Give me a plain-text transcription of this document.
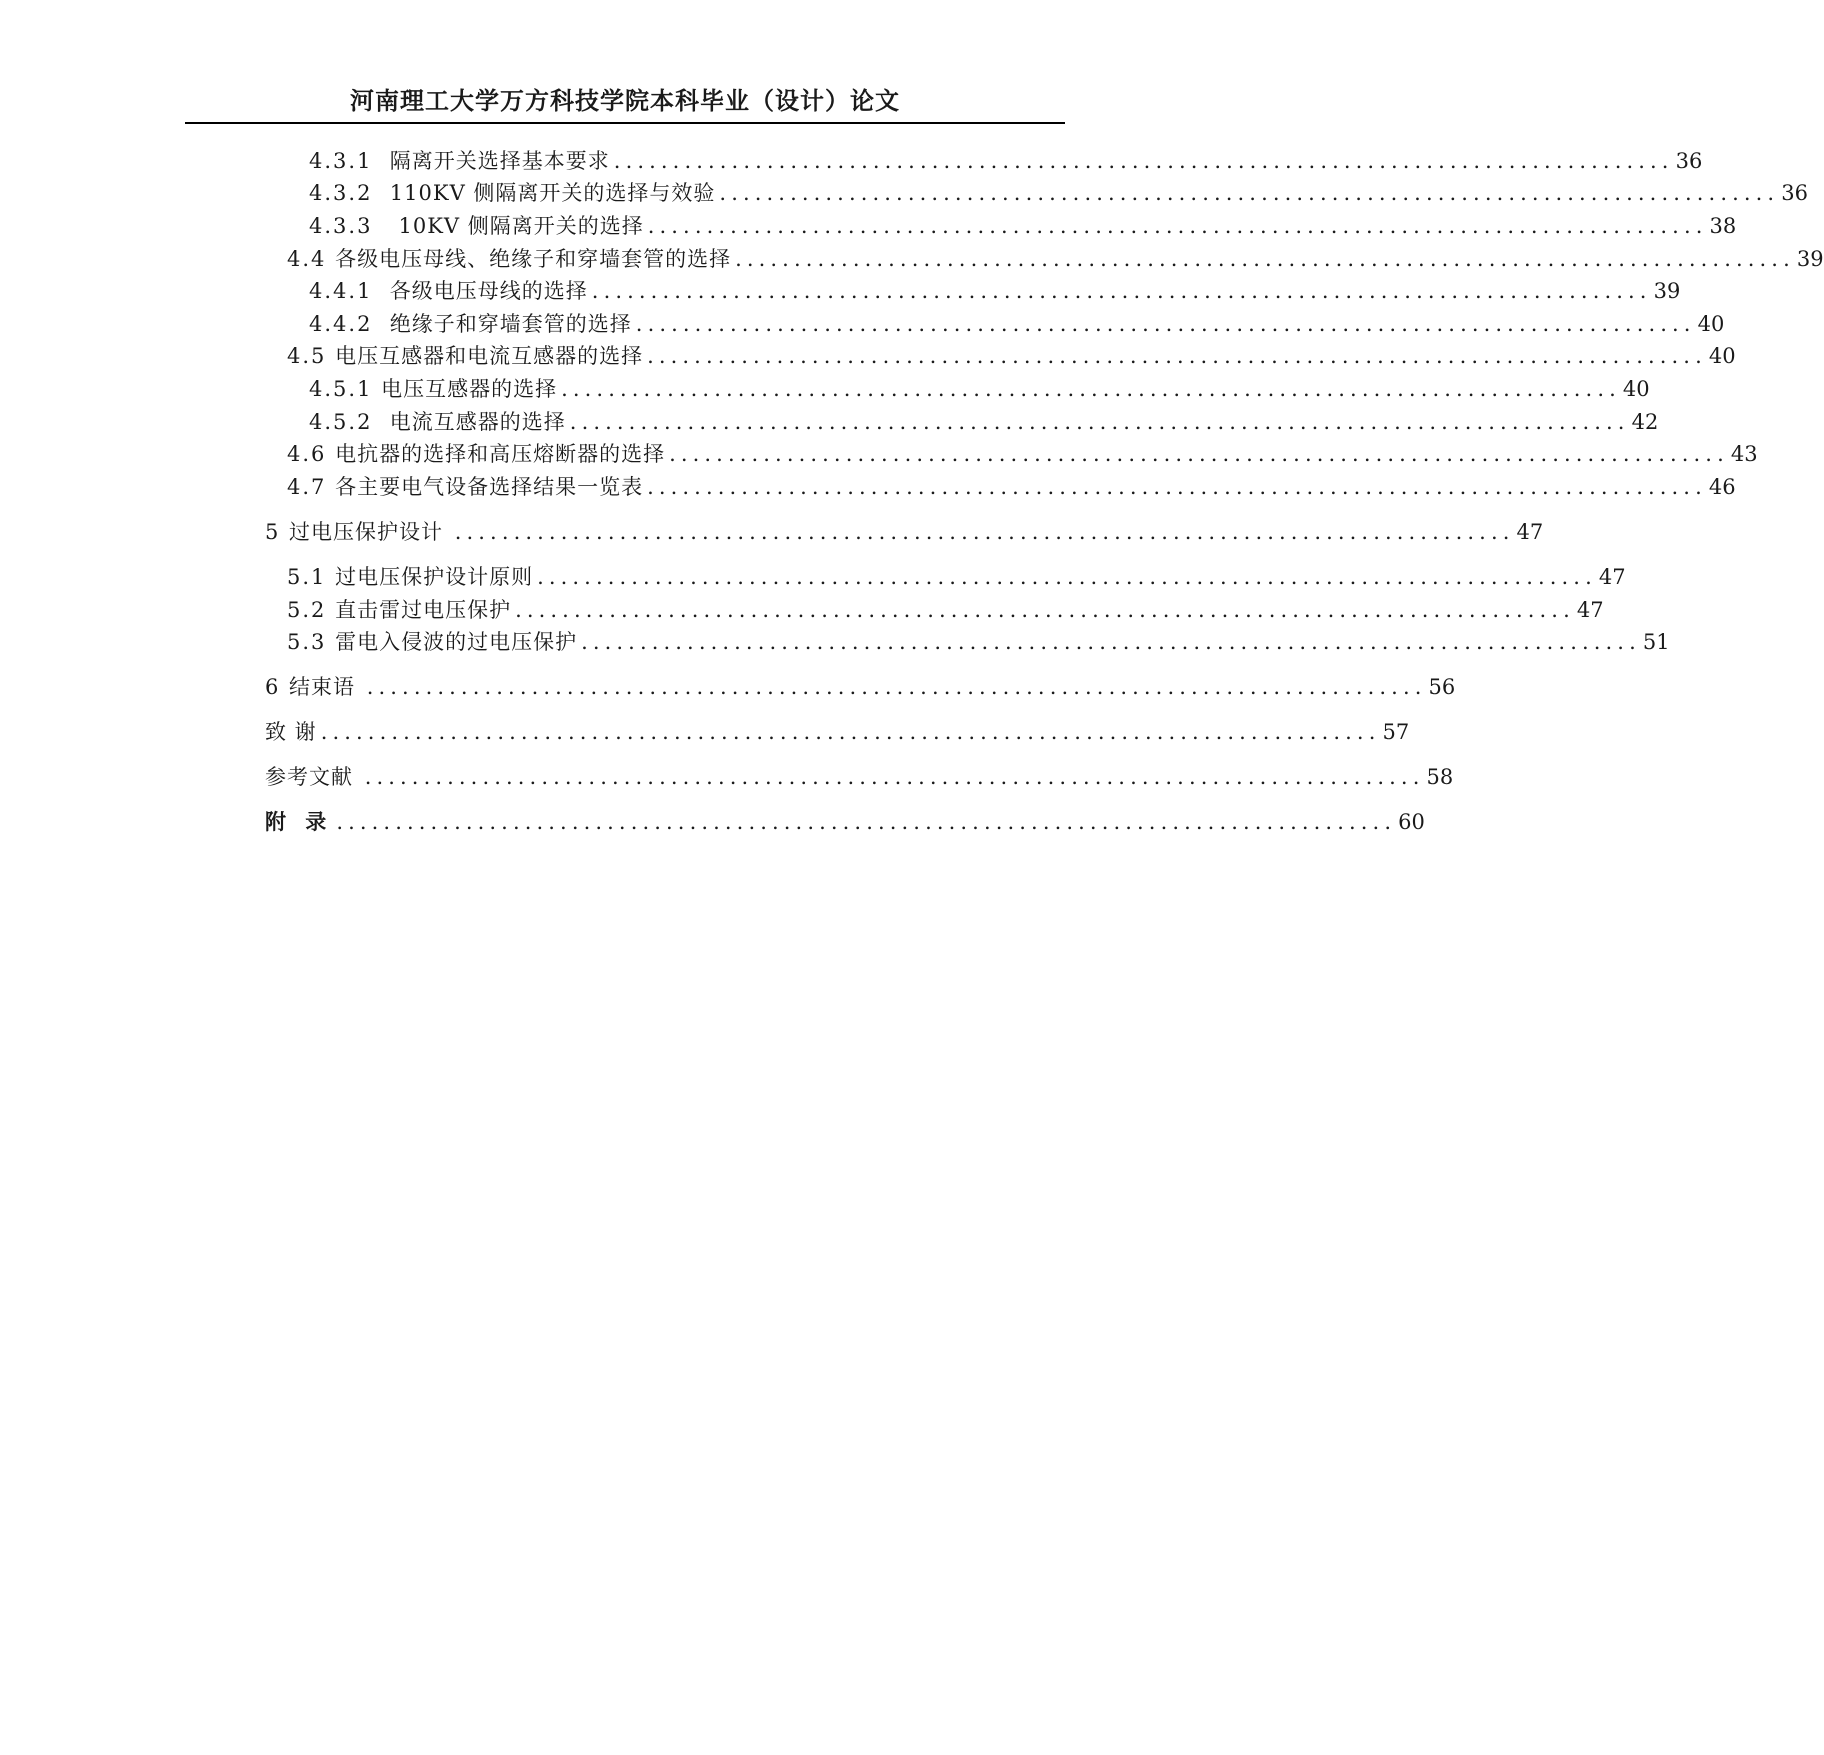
河南理工大学万方科技学院本科毕业（设计）论文
4.3.1 隔离开关选择基本要求 .......................................................................................... 36
4.3.2 110KV 侧隔离开关的选择与效验 .......................................................................................... 36
4.3.3 10KV 侧隔离开关的选择 .......................................................................................... 38
4.4 各级电压母线、绝缘子和穿墙套管的选择 .......................................................................................... 39
4.4.1 各级电压母线的选择 .......................................................................................... 39
4.4.2 绝缘子和穿墙套管的选择 .......................................................................................... 40
4.5 电压互感器和电流互感器的选择 .......................................................................................... 40
4.5.1 电压互感器的选择 .......................................................................................... 40
4.5.2 电流互感器的选择 .......................................................................................... 42
4.6 电抗器的选择和高压熔断器的选择 .......................................................................................... 43
4.7 各主要电气设备选择结果一览表 .......................................................................................... 46
5 过电压保护设计 .......................................................................................... 47
5.1 过电压保护设计原则 .......................................................................................... 47
5.2 直击雷过电压保护 .......................................................................................... 47
5.3 雷电入侵波的过电压保护 .......................................................................................... 51
6 结束语 .......................................................................................... 56
致 谢 .......................................................................................... 57
参考文献 .......................................................................................... 58
附 录 .......................................................................................... 60
